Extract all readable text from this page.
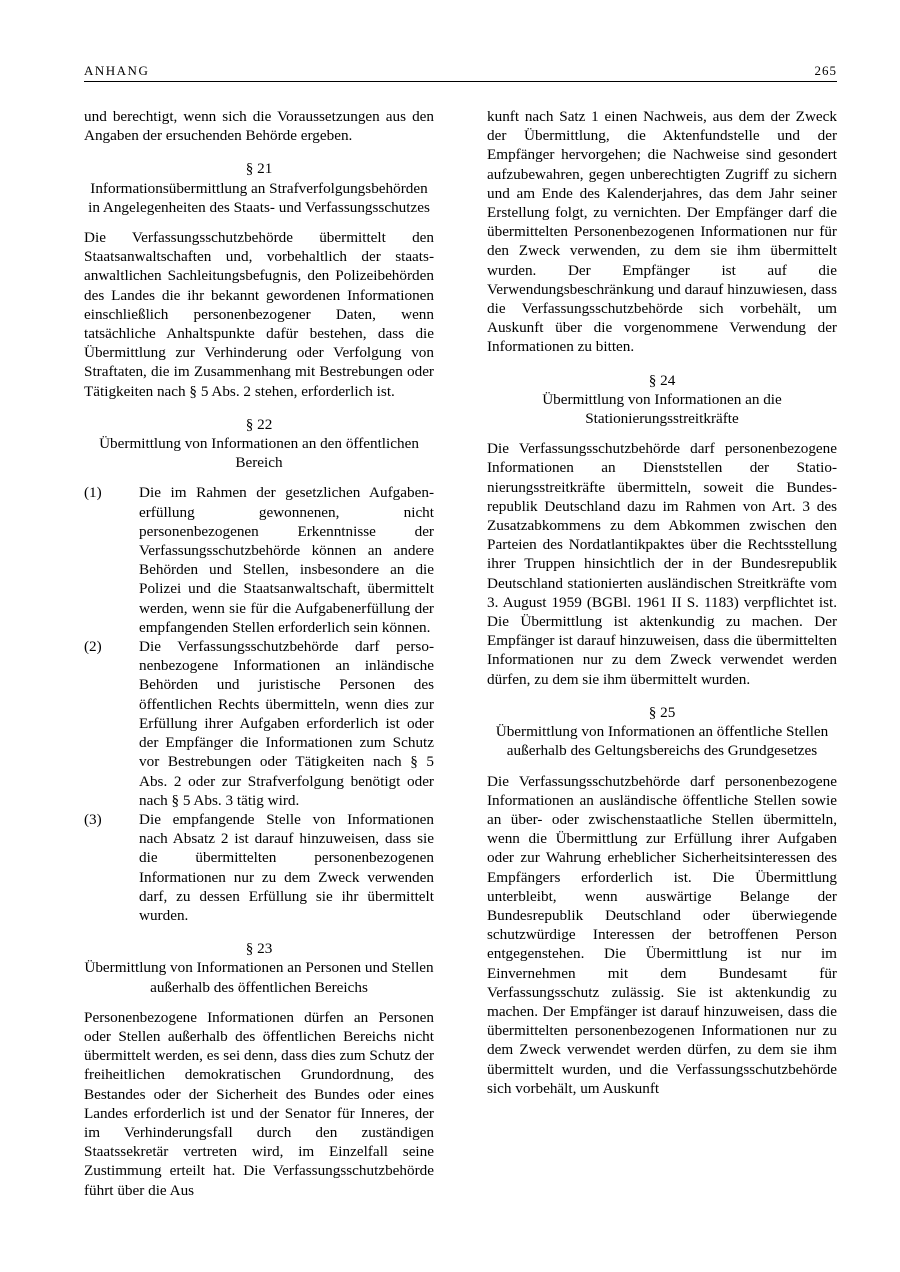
ANHANG	265

und berechtigt, wenn sich die Voraussetzungen aus den Angaben der ersuchenden Behörde ergeben.

§ 21
Informationsübermittlung an Strafverfolgungsbehörden in Angelegenheiten des Staats- und Verfassungsschutzes

Die Verfassungsschutzbehörde übermittelt den Staatsanwaltschaften und, vorbehaltlich der staatsanwaltlichen Sachleitungsbefugnis, den Polizeibehörden des Landes die ihr bekannt gewordenen Informationen einschließlich personenbezogener Daten, wenn tatsächliche Anhaltspunkte dafür bestehen, dass die Übermittlung zur Verhinderung oder Verfolgung von Straftaten, die im Zusammenhang mit Bestrebungen oder Tätigkeiten nach § 5 Abs. 2 stehen, erforderlich ist.

§ 22
Übermittlung von Informationen an den öffentlichen Bereich
(1)	Die im Rahmen der gesetzlichen Aufgabenerfüllung gewonnenen, nicht personenbezogenen Erkenntnisse der Verfassungsschutzbehörde können an andere Behörden und Stellen, insbesondere an die Polizei und die Staatsanwaltschaft, übermittelt werden, wenn sie für die Aufgabenerfüllung der empfangenden Stellen erforderlich sein können.
(2)	Die Verfassungsschutzbehörde darf personenbezogene Informationen an inländische Behörden und juristische Personen des öffentlichen Rechts übermitteln, wenn dies zur Erfüllung ihrer Aufgaben erforderlich ist oder der Empfänger die Informationen zum Schutz vor Bestrebungen oder Tätigkeiten nach § 5 Abs. 2 oder zur Strafverfolgung benötigt oder nach § 5 Abs. 3 tätig wird.
(3)	Die empfangende Stelle von Informationen nach Absatz 2 ist darauf hinzuweisen, dass sie die übermittelten personenbezogenen Informationen nur zu dem Zweck verwenden darf, zu dessen Erfüllung sie ihr übermittelt wurden.
§ 23
Übermittlung von Informationen an Personen und Stellen außerhalb des öffentlichen Bereichs

Personenbezogene Informationen dürfen an Personen oder Stellen außerhalb des öffentlichen Bereichs nicht übermittelt werden, es sei denn, dass dies zum Schutz der freiheitlichen demokratischen Grundordnung, des Bestandes oder der Sicherheit des Bundes oder eines Landes erforderlich ist und der Senator für Inneres, der im Verhinderungsfall durch den zuständigen Staatssekretär vertreten wird, im Einzelfall seine Zustimmung erteilt hat. Die Verfassungsschutzbehörde führt über die Aus

kunft nach Satz 1 einen Nachweis, aus dem der Zweck der Übermittlung, die Aktenfundstelle und der Empfänger hervorgehen; die Nachweise sind gesondert aufzubewahren, gegen unberechtigten Zugriff zu sichern und am Ende des Kalenderjahres, das dem Jahr seiner Erstellung folgt, zu vernichten. Der Empfänger darf die übermittelten Personenbezogenen Informationen nur für den Zweck verwenden, zu dem sie ihm übermittelt wurden. Der Empfänger ist auf die Verwendungsbeschränkung und darauf hinzuwiesen, dass die Verfassungsschutzbehörde sich vorbehält, um Auskunft über die vorgenommene Verwendung der Informationen zu bitten.

§ 24
Übermittlung von Informationen an die Stationierungsstreitkräfte

Die Verfassungsschutzbehörde darf personenbezogene Informationen an Dienststellen der Stationierungsstreitkräfte übermitteln, soweit die Bundesrepublik Deutschland dazu im Rahmen von Art. 3 des Zusatzabkommens zu dem Abkommen zwischen den Parteien des Nordatlantikpaktes über die Rechtsstellung ihrer Truppen hinsichtlich der in der Bundesrepublik Deutschland stationierten ausländischen Streitkräfte vom 3. August 1959 (BGBl. 1961 II S. 1183) verpflichtet ist. Die Übermittlung ist aktenkundig zu machen. Der Empfänger ist darauf hinzuweisen, dass die übermittelten Informationen nur zu dem Zweck verwendet werden dürfen, zu dem sie ihm übermittelt wurden.

§ 25
Übermittlung von Informationen an öffentliche Stellen außerhalb des Geltungsbereichs des Grundgesetzes

Die Verfassungsschutzbehörde darf personenbezogene Informationen an ausländische öffentliche Stellen sowie an über- oder zwischenstaatliche Stellen übermitteln, wenn die Übermittlung zur Erfüllung ihrer Aufgaben oder zur Wahrung erheblicher Sicherheitsinteressen des Empfängers erforderlich ist. Die Übermittlung unterbleibt, wenn auswärtige Belange der Bundesrepublik Deutschland oder überwiegende schutzwürdige Interessen der betroffenen Person entgegenstehen. Die Übermittlung ist nur im Einvernehmen mit dem Bundesamt für Verfassungsschutz zulässig. Sie ist aktenkundig zu machen. Der Empfänger ist darauf hinzuweisen, dass die übermittelten personenbezogenen Informationen nur zu dem Zweck verwendet werden dürfen, zu dem sie ihm übermittelt wurden, und die Verfassungsschutzbehörde sich vorbehält, um Auskunft
